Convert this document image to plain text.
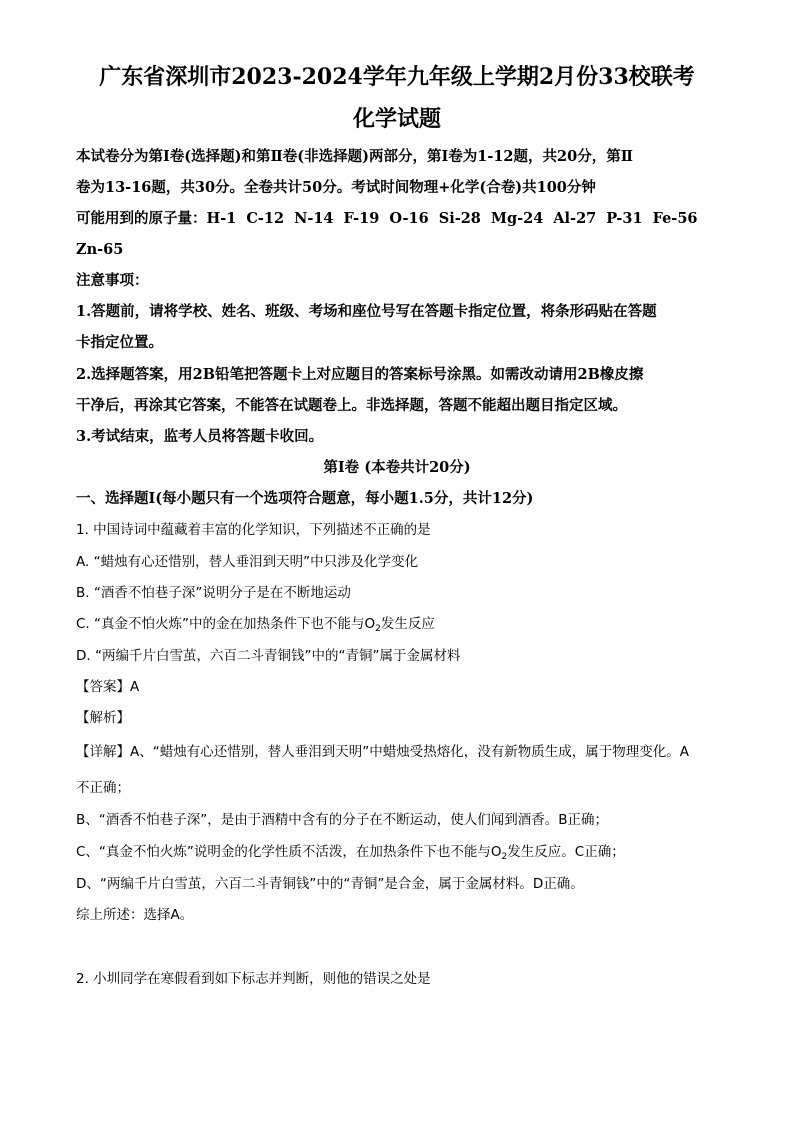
广东省深圳市2023-2024学年九年级上学期2月份33校联考
化学试题
本试卷分为第Ⅰ卷(选择题)和第Ⅱ卷(非选择题)两部分，第Ⅰ卷为1-12题，共20分，第Ⅱ
卷为13-16题，共30分。全卷共计50分。考试时间物理+化学(合卷)共100分钟
可能用到的原子量：H-1 C-12 N-14 F-19 O-16 Si-28 Mg-24 Al-27 P-31 Fe-56
Zn-65
注意事项：
1.答题前，请将学校、姓名、班级、考场和座位号写在答题卡指定位置，将条形码贴在答题
卡指定位置。
2.选择题答案，用2B铅笔把答题卡上对应题目的答案标号涂黑。如需改动请用2B橡皮擦
干净后，再涂其它答案，不能答在试题卷上。非选择题，答题不能超出题目指定区域。
3.考试结束，监考人员将答题卡收回。
第Ⅰ卷 (本卷共计20分)
一、选择题Ⅰ(每小题只有一个选项符合题意，每小题1.5分，共计12分)
1. 中国诗词中蕴藏着丰富的化学知识，下列描述不正确的是
A. “蜡烛有心还惜别，替人垂泪到天明”中只涉及化学变化
B. “酒香不怕巷子深”说明分子是在不断地运动
C. “真金不怕火炼”中的金在加热条件下也不能与$O_2$发生反应
D. “两编千片白雪茧，六百二斗青铜钱”中的“青铜”属于金属材料
【答案】A
【解析】
【详解】A、“蜡烛有心还惜别，替人垂泪到天明”中蜡烛受热熔化，没有新物质生成，属于物理变化。A
不正确；
B、“酒香不怕巷子深”，是由于酒精中含有的分子在不断运动，使人们闻到酒香。B正确；
C、“真金不怕火炼”说明金的化学性质不活泼，在加热条件下也不能与$O_2$发生反应。C正确；
D、“两编千片白雪茧，六百二斗青铜钱”中的“青铜”是合金，属于金属材料。D正确。
综上所述：选择A。
2. 小圳同学在寒假看到如下标志并判断，则他的错误之处是
